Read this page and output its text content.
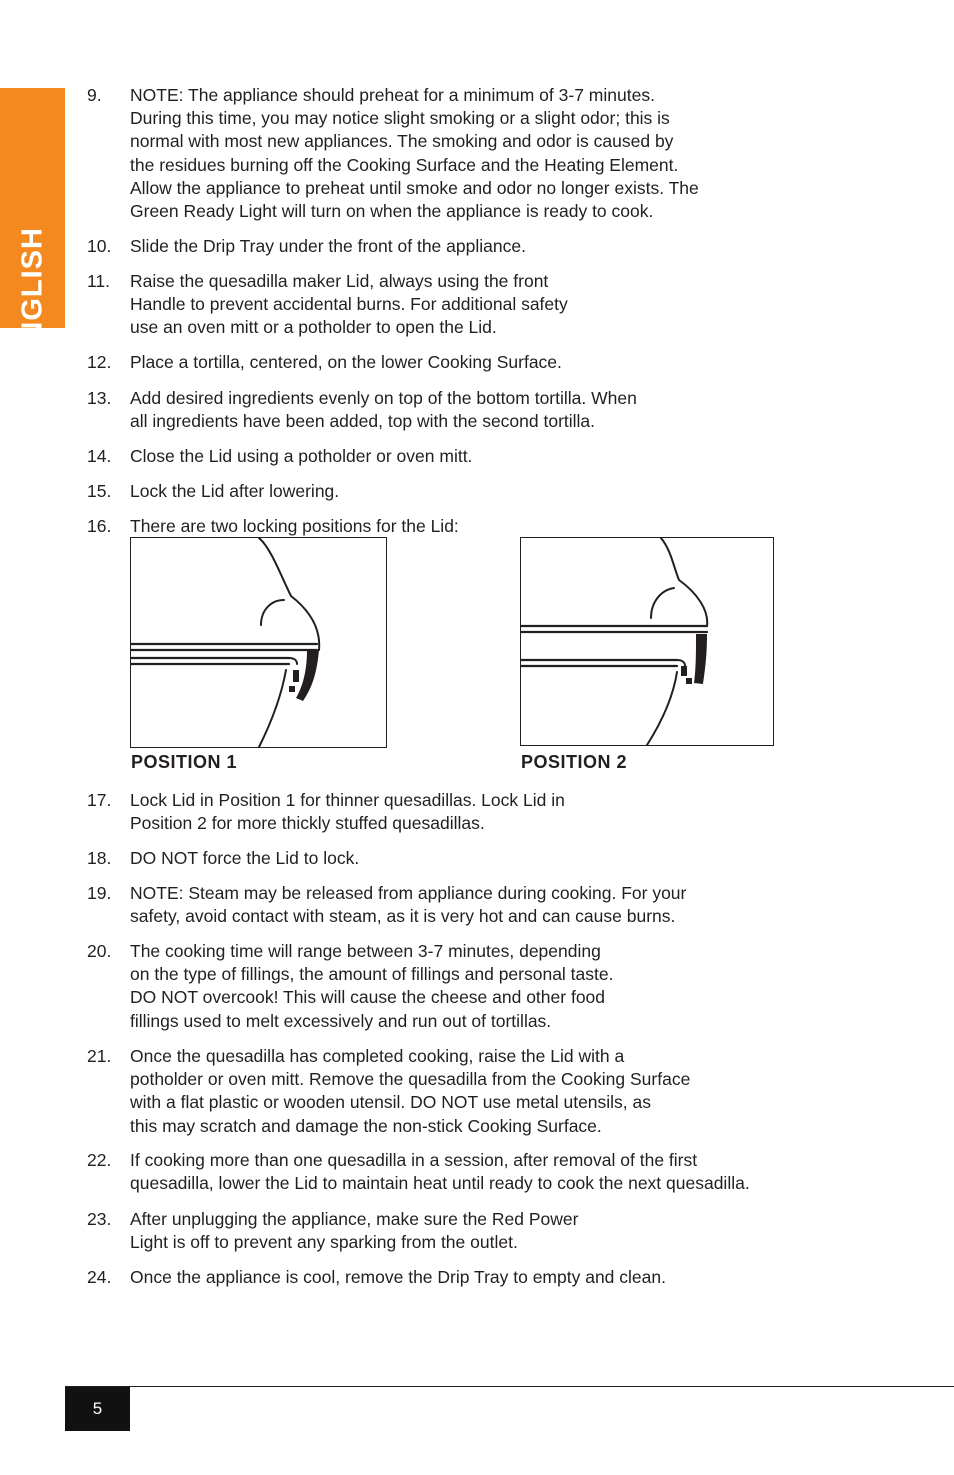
ENGLISH
9. NOTE: The appliance should preheat for a minimum of 3-7 minutes.
During this time, you may notice slight smoking or a slight odor; this is
normal with most new appliances. The smoking and odor is caused by
the residues burning off the Cooking Surface and the Heating Element.
Allow the appliance to preheat until smoke and odor no longer exists. The
Green Ready Light will turn on when the appliance is ready to cook.
10. Slide the Drip Tray under the front of the appliance.
11. Raise the quesadilla maker Lid, always using the front
Handle to prevent accidental burns. For additional safety
use an oven mitt or a potholder to open the Lid.
12. Place a tortilla, centered, on the lower Cooking Surface.
13. Add desired ingredients evenly on top of the bottom tortilla. When
all ingredients have been added, top with the second tortilla.
14. Close the Lid using a potholder or oven mitt.
15. Lock the Lid after lowering.
16. There are two locking positions for the Lid:
17. Lock Lid in Position 1 for thinner quesadillas. Lock Lid in
Position 2 for more thickly stuffed quesadillas.
18. DO NOT force the Lid to lock.
19. NOTE: Steam may be released from appliance during cooking. For your
safety, avoid contact with steam, as it is very hot and can cause burns.
20. The cooking time will range between 3-7 minutes, depending
on the type of fillings, the amount of fillings and personal taste.
DO NOT overcook! This will cause the cheese and other food
fillings used to melt excessively and run out of tortillas.
21. Once the quesadilla has completed cooking, raise the Lid with a
potholder or oven mitt. Remove the quesadilla from the Cooking Surface
with a flat plastic or wooden utensil. DO NOT use metal utensils, as
this may scratch and damage the non-stick Cooking Surface.
22. If cooking more than one quesadilla in a session, after removal of the first
quesadilla, lower the Lid to maintain heat until ready to cook the next quesadilla.
23. After unplugging the appliance, make sure the Red Power
Light is off to prevent any sparking from the outlet.
24. Once the appliance is cool, remove the Drip Tray to empty and clean.
POSITION 1	POSITION 2
5
